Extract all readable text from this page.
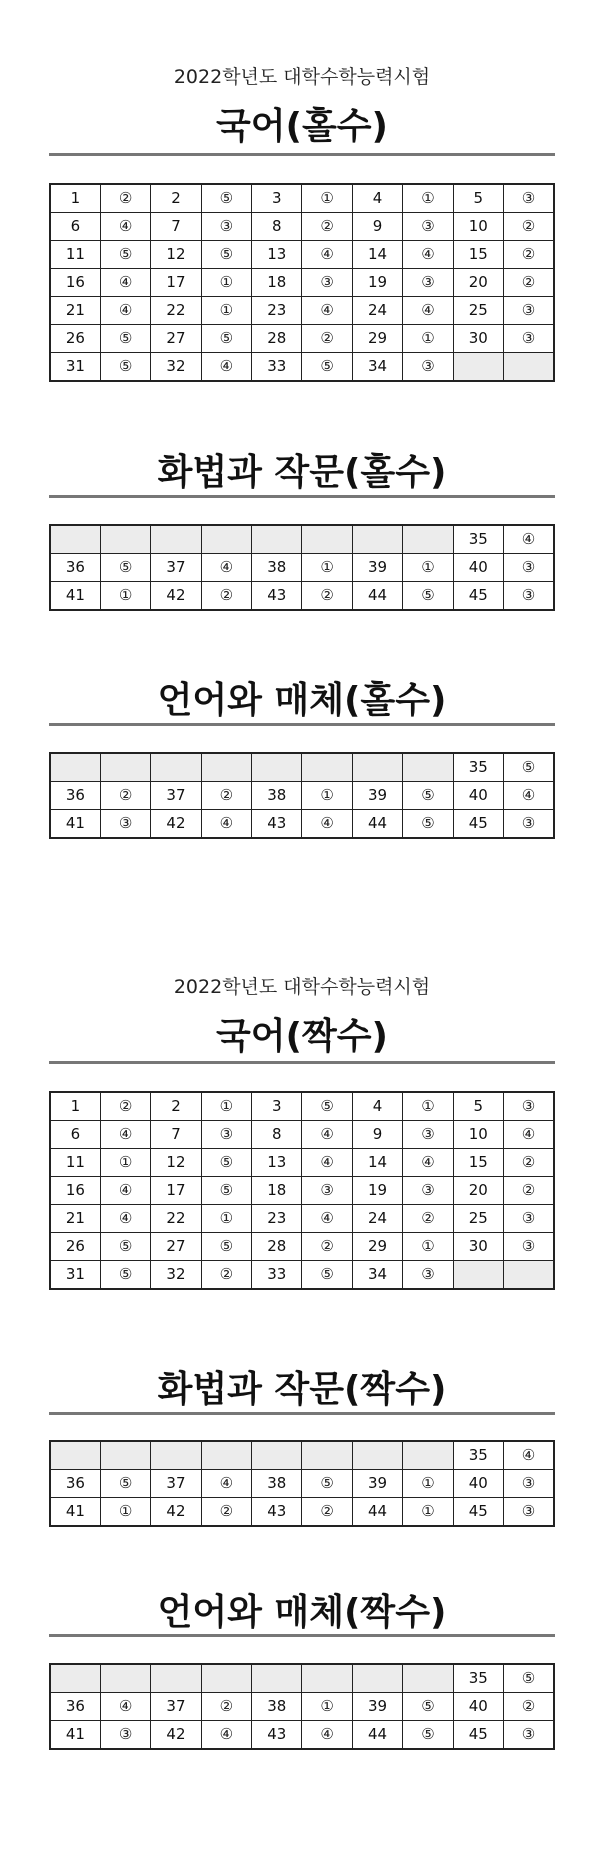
2022학년도 대학수학능력시험
국어(홀수)
1	②	2	⑤	3	①	4	①	5	③
6	④	7	③	8	②	9	③	10	②
11	⑤	12	⑤	13	④	14	④	15	②
16	④	17	①	18	③	19	③	20	②
21	④	22	①	23	④	24	④	25	③
26	⑤	27	⑤	28	②	29	①	30	③
31	⑤	32	④	33	⑤	34	③		
화법과 작문(홀수)
								35	④
36	⑤	37	④	38	①	39	①	40	③
41	①	42	②	43	②	44	⑤	45	③
언어와 매체(홀수)
								35	⑤
36	②	37	②	38	①	39	⑤	40	④
41	③	42	④	43	④	44	⑤	45	③
2022학년도 대학수학능력시험
국어(짝수)
1	②	2	①	3	⑤	4	①	5	③
6	④	7	③	8	④	9	③	10	④
11	①	12	⑤	13	④	14	④	15	②
16	④	17	⑤	18	③	19	③	20	②
21	④	22	①	23	④	24	②	25	③
26	⑤	27	⑤	28	②	29	①	30	③
31	⑤	32	②	33	⑤	34	③		
화법과 작문(짝수)
								35	④
36	⑤	37	④	38	⑤	39	①	40	③
41	①	42	②	43	②	44	①	45	③
언어와 매체(짝수)
								35	⑤
36	④	37	②	38	①	39	⑤	40	②
41	③	42	④	43	④	44	⑤	45	③
